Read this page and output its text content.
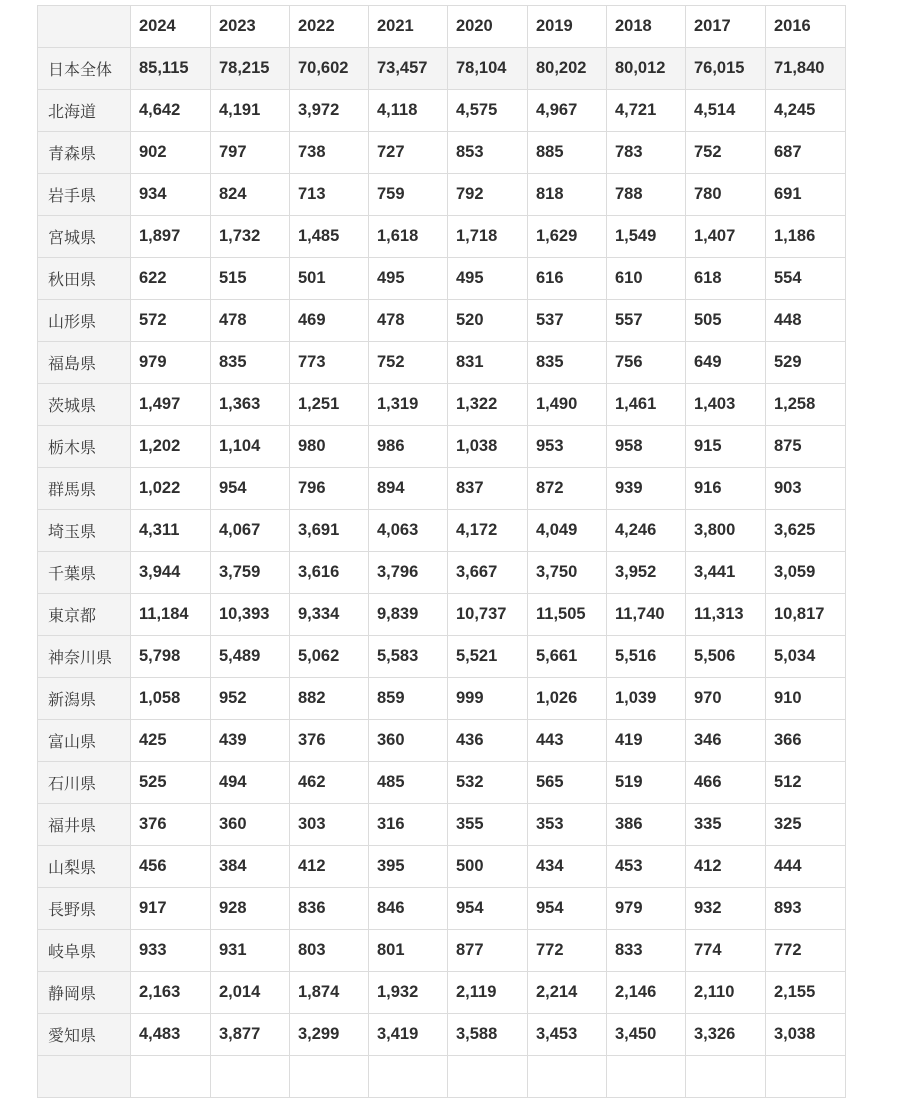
	2024	2023	2022	2021	2020	2019	2018	2017	2016
日本全体	85,115	78,215	70,602	73,457	78,104	80,202	80,012	76,015	71,840
北海道	4,642	4,191	3,972	4,118	4,575	4,967	4,721	4,514	4,245
青森県	902	797	738	727	853	885	783	752	687
岩手県	934	824	713	759	792	818	788	780	691
宮城県	1,897	1,732	1,485	1,618	1,718	1,629	1,549	1,407	1,186
秋田県	622	515	501	495	495	616	610	618	554
山形県	572	478	469	478	520	537	557	505	448
福島県	979	835	773	752	831	835	756	649	529
茨城県	1,497	1,363	1,251	1,319	1,322	1,490	1,461	1,403	1,258
栃木県	1,202	1,104	980	986	1,038	953	958	915	875
群馬県	1,022	954	796	894	837	872	939	916	903
埼玉県	4,311	4,067	3,691	4,063	4,172	4,049	4,246	3,800	3,625
千葉県	3,944	3,759	3,616	3,796	3,667	3,750	3,952	3,441	3,059
東京都	11,184	10,393	9,334	9,839	10,737	11,505	11,740	11,313	10,817
神奈川県	5,798	5,489	5,062	5,583	5,521	5,661	5,516	5,506	5,034
新潟県	1,058	952	882	859	999	1,026	1,039	970	910
富山県	425	439	376	360	436	443	419	346	366
石川県	525	494	462	485	532	565	519	466	512
福井県	376	360	303	316	355	353	386	335	325
山梨県	456	384	412	395	500	434	453	412	444
長野県	917	928	836	846	954	954	979	932	893
岐阜県	933	931	803	801	877	772	833	774	772
静岡県	2,163	2,014	1,874	1,932	2,119	2,214	2,146	2,110	2,155
愛知県	4,483	3,877	3,299	3,419	3,588	3,453	3,450	3,326	3,038
